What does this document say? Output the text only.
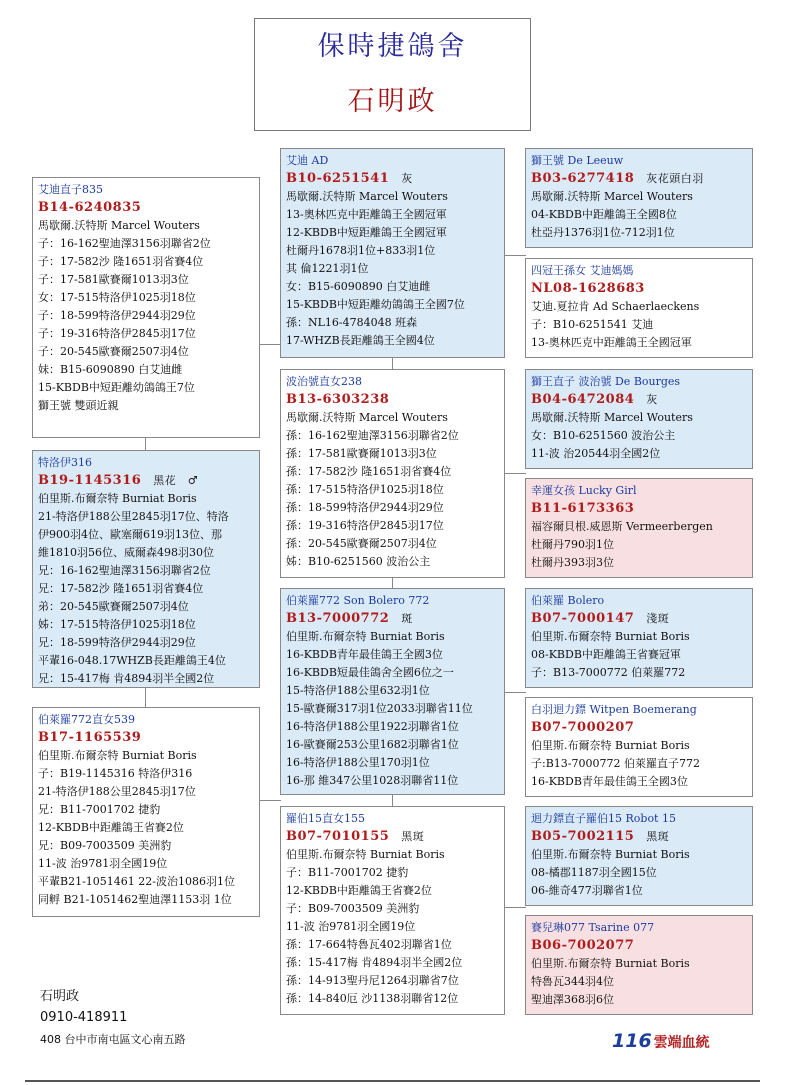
保時捷鴿舍
石明政
艾迪直子835
B14-6240835
馬歇爾.沃特斯 Marcel Wouters
子：16-162聖迪澤3156羽聯省2位
子：17-582沙 隆1651羽省賽4位
子：17-581歐賽爾1013羽3位
女：17-515特洛伊1025羽18位
子：18-599特洛伊2944羽29位
子：19-316特洛伊2845羽17位
子：20-545歐賽爾2507羽4位
妹：B15-6090890 白艾迪雌
15-KBDB中短距離幼鴿鴿王7位
獅王號 雙頭近親
特洛伊316
B19-1145316 黑花　♂
伯里斯.布爾奈特 Burniat Boris
21-特洛伊188公里2845羽17位、特洛
伊900羽4位、歐塞爾619羽13位、那
維1810羽56位、威爾森498羽30位
兄：16-162聖迪澤3156羽聯省2位
兄：17-582沙 隆1651羽省賽4位
弟：20-545歐賽爾2507羽4位
姊：17-515特洛伊1025羽18位
兄：18-599特洛伊2944羽29位
平輩16-048.17WHZB長距離鴿王4位
兄：15-417梅 肯4894羽半全國2位
伯萊羅772直女539
B17-1165539
伯里斯.布爾奈特 Burniat Boris
子：B19-1145316 特洛伊316
21-特洛伊188公里2845羽17位
兄：B11-7001702 捷豹
12-KBDB中距離鴿王省賽2位
兄：B09-7003509 美洲豹
11-波 治9781羽全國19位
平輩B21-1051461 22-波治1086羽1位
同孵 B21-1051462聖迪澤1153羽 1位
艾迪 AD
B10-6251541 灰
馬歇爾.沃特斯 Marcel Wouters
13-奧林匹克中距離鴿王全國冠軍
12-KBDB中短距離鴿王全國冠軍
杜爾丹1678羽1位+833羽1位
其 倫1221羽1位
女：B15-6090890 白艾迪雌
15-KBDB中短距離幼鴿鴿王全國7位
孫：NL16-4784048 班森
17-WHZB長距離鴿王全國4位
波治號直女238
B13-6303238
馬歇爾.沃特斯 Marcel Wouters
孫：16-162聖迪澤3156羽聯省2位
孫：17-581歐賽爾1013羽3位
孫：17-582沙 隆1651羽省賽4位
孫：17-515特洛伊1025羽18位
孫：18-599特洛伊2944羽29位
孫：19-316特洛伊2845羽17位
孫：20-545歐賽爾2507羽4位
姊：B10-6251560 波治公主
伯萊羅772 Son Bolero 772
B13-7000772 斑
伯里斯.布爾奈特 Burniat Boris
16-KBDB青年最佳鴿王全國3位
16-KBDB短最佳鴿舍全國6位之一
15-特洛伊188公里632羽1位
15-歐賽爾317羽1位2033羽聯省11位
16-特洛伊188公里1922羽聯省1位
16-歐賽爾253公里1682羽聯省1位
16-特洛伊188公里170羽1位
16-那 維347公里1028羽聯省11位
羅伯15直女155
B07-7010155 黑斑
伯里斯.布爾奈特 Burniat Boris
子：B11-7001702 捷豹
12-KBDB中距離鴿王省賽2位
子：B09-7003509 美洲豹
11-波 治9781羽全國19位
孫：17-664特魯瓦402羽聯省1位
孫：15-417梅 肯4894羽半全國2位
孫：14-913聖丹尼1264羽聯省7位
孫：14-840厄 沙1138羽聯省12位
獅王號 De Leeuw
B03-6277418 灰花頭白羽
馬歇爾.沃特斯 Marcel Wouters
04-KBDB中距離鴿王全國8位
杜亞丹1376羽1位-712羽1位
四冠王孫女 艾迪媽媽
NL08-1628683
艾迪.夏拉肯 Ad Schaerlaeckens
子：B10-6251541 艾迪
13-奧林匹克中距離鴿王全國冠軍
獅王直子 波治號 De Bourges
B04-6472084 灰
馬歇爾.沃特斯 Marcel Wouters
女：B10-6251560 波治公主
11-波 治20544羽全國2位
幸運女孩 Lucky Girl
B11-6173363
福容爾貝根.威恩斯 Vermeerbergen
杜爾丹790羽1位
杜爾丹393羽3位
伯萊羅 Bolero
B07-7000147 淺斑
伯里斯.布爾奈特 Burniat Boris
08-KBDB中距離鴿王省賽冠軍
子：B13-7000772 伯萊羅772
白羽迴力鏢 Witpen Boemerang
B07-7000207
伯里斯.布爾奈特 Burniat Boris
子:B13-7000772 伯萊羅直子772
16-KBDB青年最佳鴿王全國3位
迴力鏢直子羅伯15 Robot 15
B05-7002115 黑斑
伯里斯.布爾奈特 Burniat Boris
08-橘郡1187羽全國15位
06-維奇477羽聯省1位
賽兒琳077 Tsarine 077
B06-7002077
伯里斯.布爾奈特 Burniat Boris
特魯瓦344羽4位
聖迪澤368羽6位
石明政
0910-418911
408 台中市南屯區文心南五路	116 雲端血統
